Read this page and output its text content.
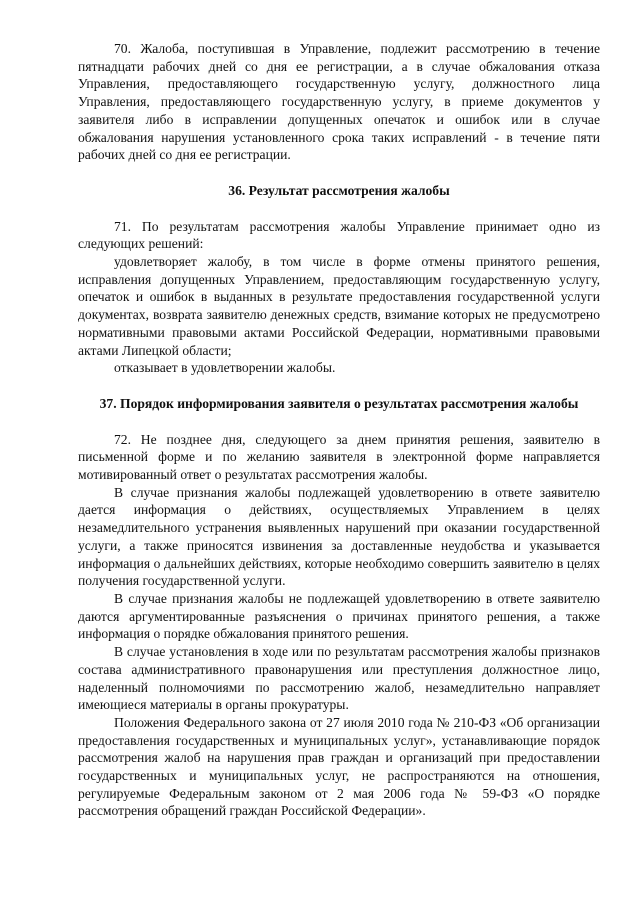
70. Жалоба, поступившая в Управление, подлежит рассмотрению в течение пятнадцати рабочих дней со дня ее регистрации, а в случае обжалования отказа Управления, предоставляющего государственную услугу, должностного лица Управления, предоставляющего государственную услугу, в приеме документов у заявителя либо в исправлении допущенных опечаток и ошибок или в случае обжалования нарушения установленного срока таких исправлений - в течение пяти рабочих дней со дня ее регистрации.

36. Результат рассмотрения жалобы

71. По результатам рассмотрения жалобы Управление принимает одно из следующих решений:

удовлетворяет жалобу, в том числе в форме отмены принятого решения, исправления допущенных Управлением, предоставляющим государственную услугу, опечаток и ошибок в выданных в результате предоставления государственной услуги документах, возврата заявителю денежных средств, взимание которых не предусмотрено нормативными правовыми актами Российской Федерации, нормативными правовыми актами Липецкой области;

отказывает в удовлетворении жалобы.

37. Порядок информирования заявителя о результатах рассмотрения жалобы

72. Не позднее дня, следующего за днем принятия решения, заявителю в письменной форме и по желанию заявителя в электронной форме направляется мотивированный ответ о результатах рассмотрения жалобы.

В случае признания жалобы подлежащей удовлетворению в ответе заявителю дается информация о действиях, осуществляемых Управлением в целях незамедлительного устранения выявленных нарушений при оказании государственной услуги, а также приносятся извинения за доставленные неудобства и указывается информация о дальнейших действиях, которые необходимо совершить заявителю в целях получения государственной услуги.

В случае признания жалобы не подлежащей удовлетворению в ответе заявителю даются аргументированные разъяснения о причинах принятого решения, а также информация о порядке обжалования принятого решения.

В случае установления в ходе или по результатам рассмотрения жалобы признаков состава административного правонарушения или преступления должностное лицо, наделенный полномочиями по рассмотрению жалоб, незамедлительно направляет имеющиеся материалы в органы прокуратуры.

Положения Федерального закона от 27 июля 2010 года № 210-ФЗ «Об организации предоставления государственных и муниципальных услуг», устанавливающие порядок рассмотрения жалоб на нарушения прав граждан и организаций при предоставлении государственных и муниципальных услуг, не распространяются на отношения, регулируемые Федеральным законом от 2 мая 2006 года № 59-ФЗ «О порядке рассмотрения обращений граждан Российской Федерации».
